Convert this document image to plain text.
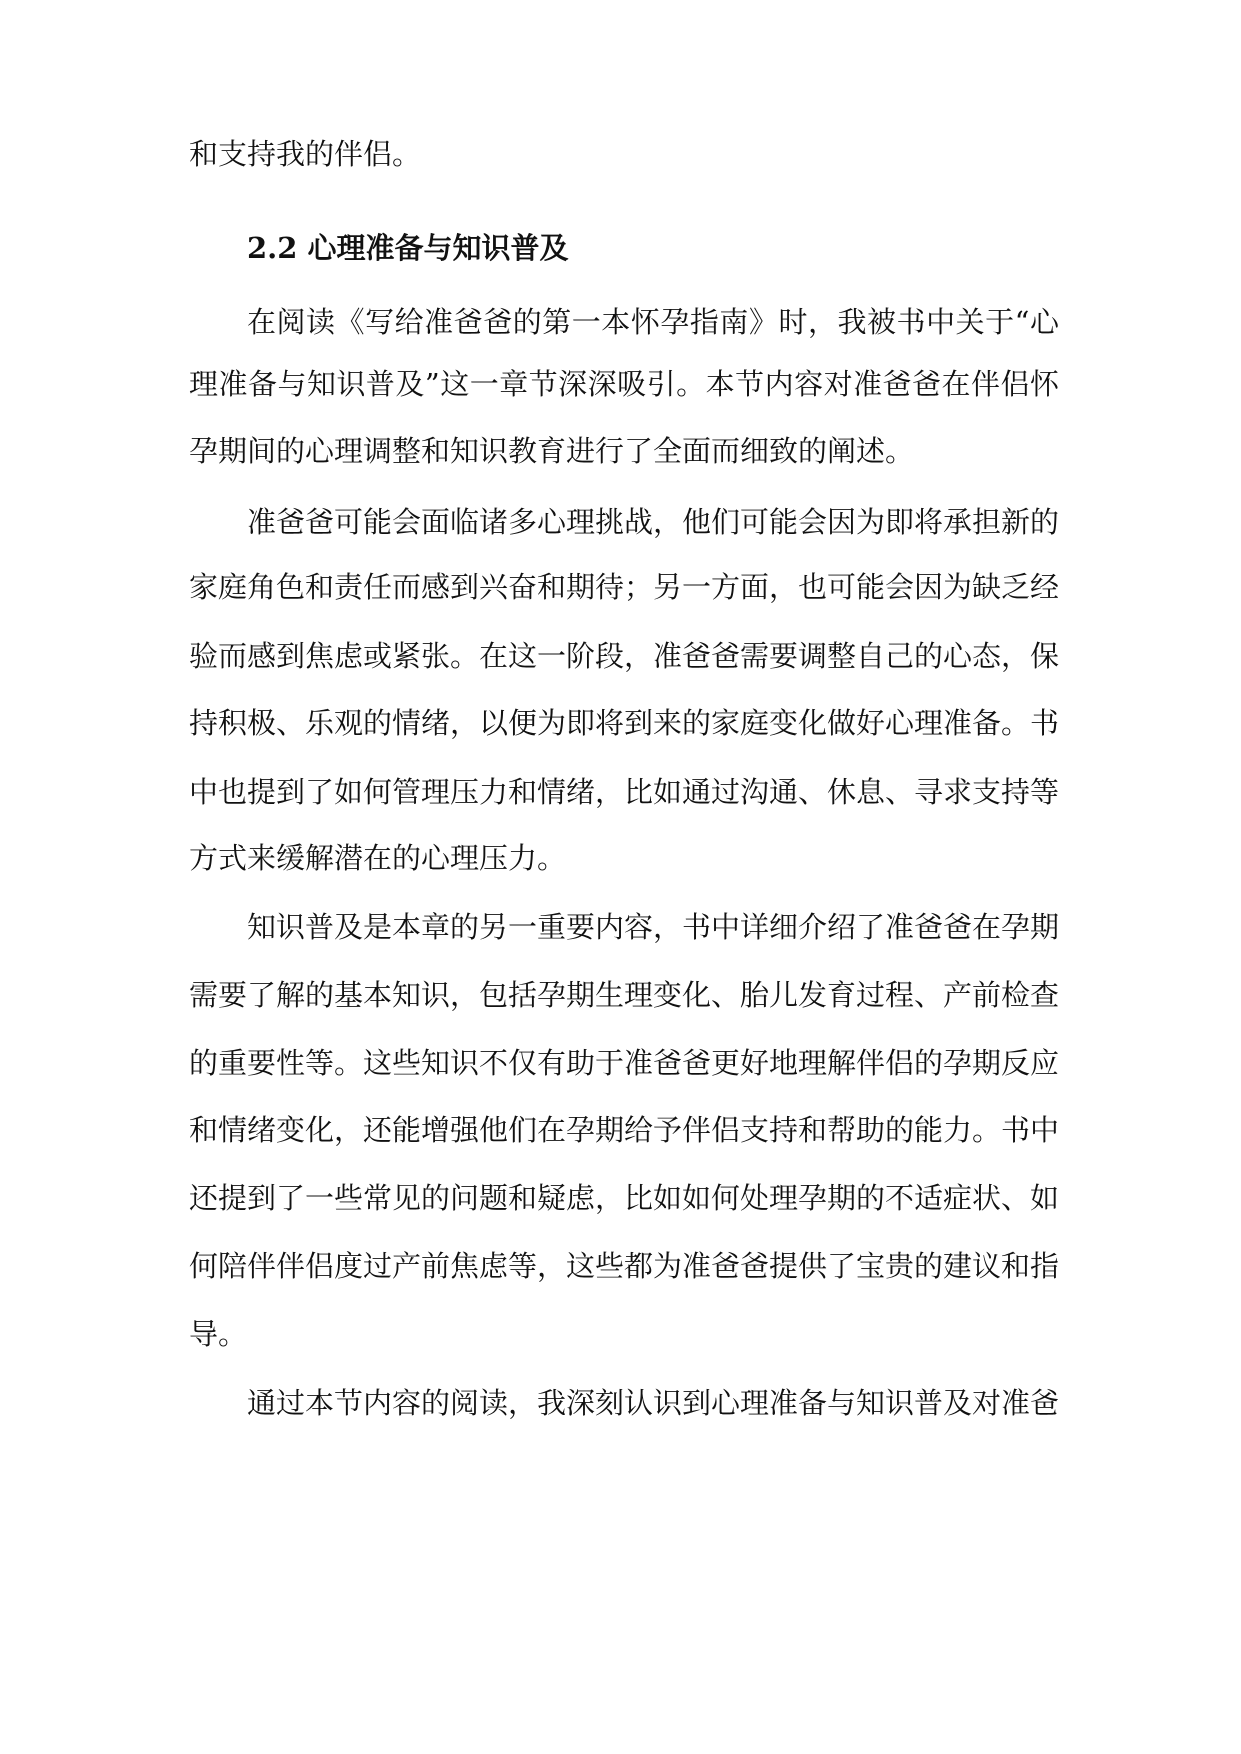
和支持我的伴侣。
2.2 心理准备与知识普及
在阅读《写给准爸爸的第一本怀孕指南》时，我被书中关于“心
理准备与知识普及”这一章节深深吸引。本节内容对准爸爸在伴侣怀
孕期间的心理调整和知识教育进行了全面而细致的阐述。
准爸爸可能会面临诸多心理挑战，他们可能会因为即将承担新的
家庭角色和责任而感到兴奋和期待；另一方面，也可能会因为缺乏经
验而感到焦虑或紧张。在这一阶段，准爸爸需要调整自己的心态，保
持积极、乐观的情绪，以便为即将到来的家庭变化做好心理准备。书
中也提到了如何管理压力和情绪，比如通过沟通、休息、寻求支持等
方式来缓解潜在的心理压力。
知识普及是本章的另一重要内容，书中详细介绍了准爸爸在孕期
需要了解的基本知识，包括孕期生理变化、胎儿发育过程、产前检查
的重要性等。这些知识不仅有助于准爸爸更好地理解伴侣的孕期反应
和情绪变化，还能增强他们在孕期给予伴侣支持和帮助的能力。书中
还提到了一些常见的问题和疑虑，比如如何处理孕期的不适症状、如
何陪伴伴侣度过产前焦虑等，这些都为准爸爸提供了宝贵的建议和指
导。
通过本节内容的阅读，我深刻认识到心理准备与知识普及对准爸
